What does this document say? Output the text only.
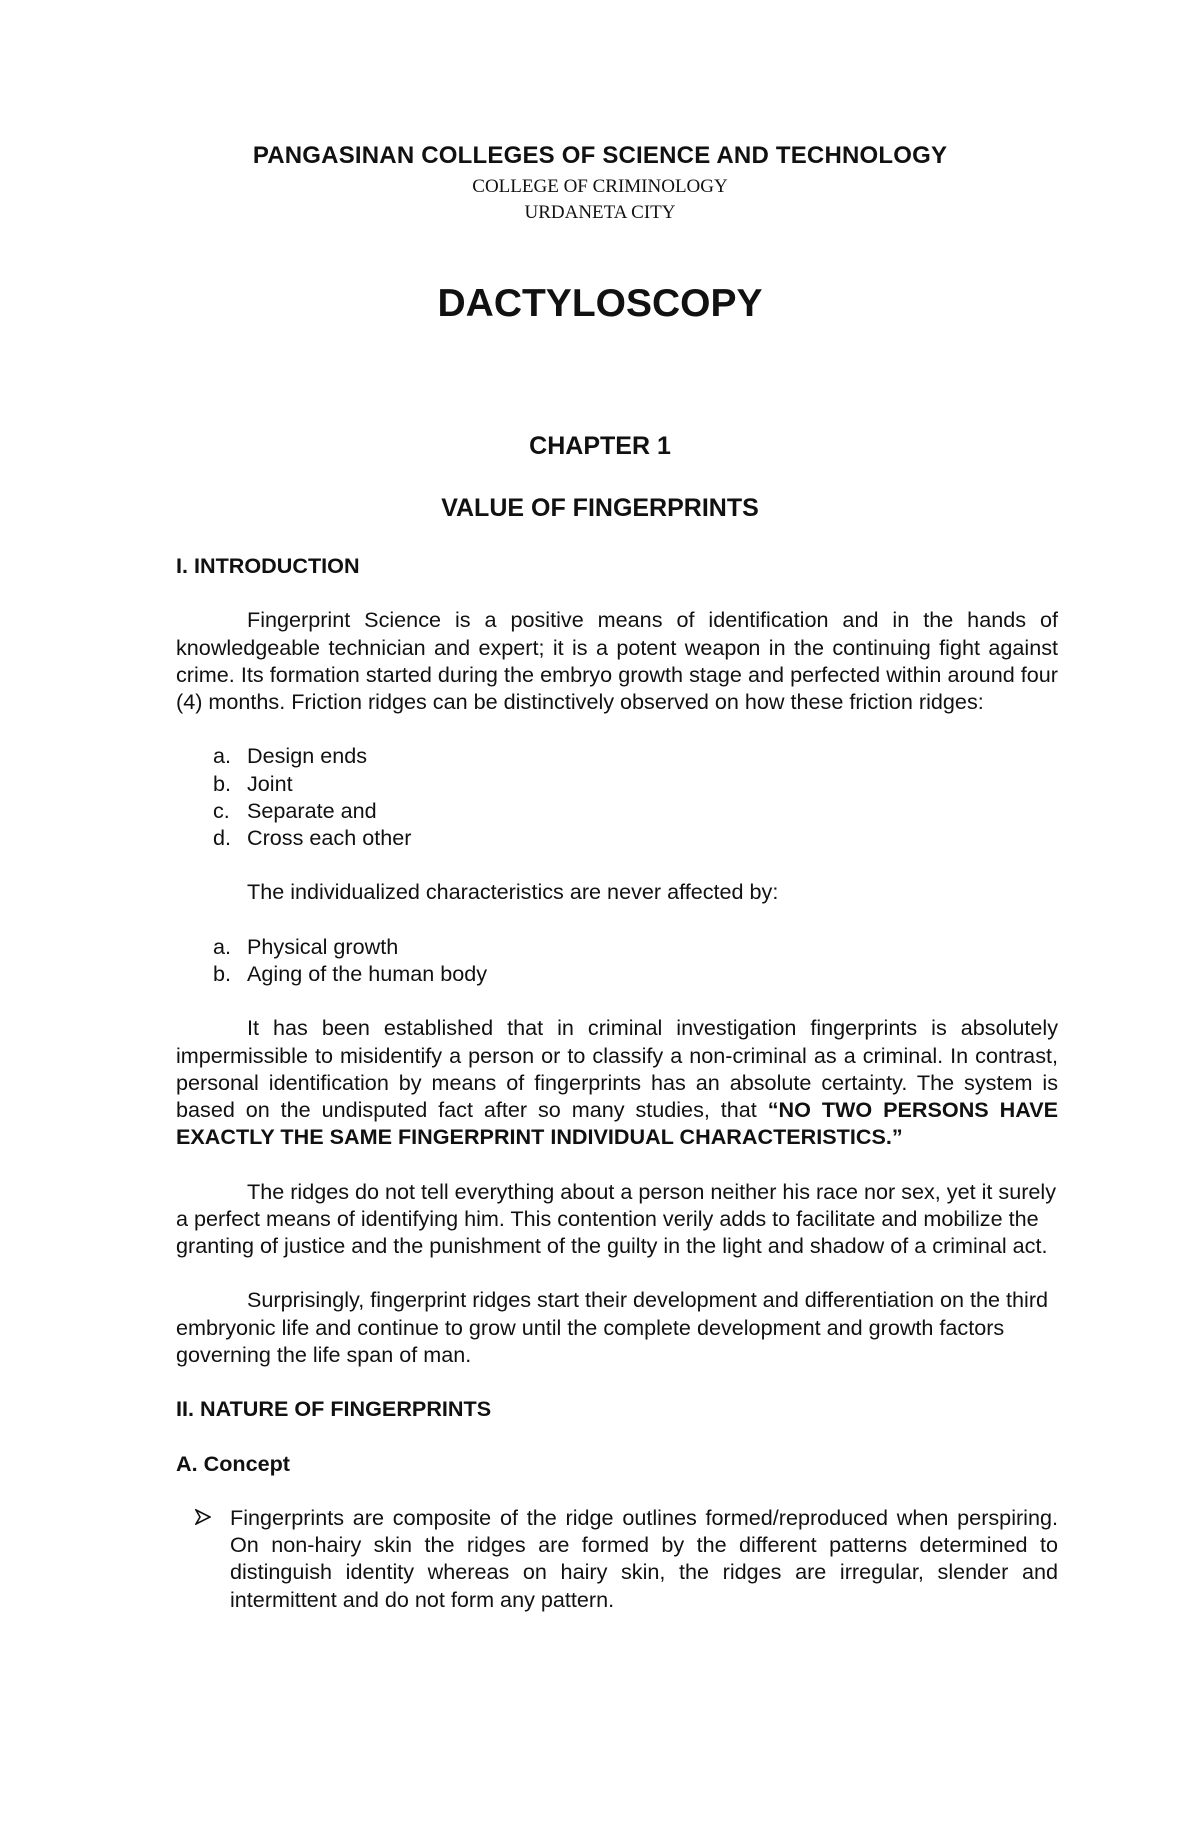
PANGASINAN COLLEGES OF SCIENCE AND TECHNOLOGY
COLLEGE OF CRIMINOLOGY
URDANETA CITY
DACTYLOSCOPY
CHAPTER 1
VALUE OF FINGERPRINTS

I. INTRODUCTION

Fingerprint Science is a positive means of identification and in the hands of knowledgeable technician and expert; it is a potent weapon in the continuing fight against crime. Its formation started during the embryo growth stage and perfected within around four (4) months. Friction ridges can be distinctively observed on how these friction ridges:

a. Design ends
b. Joint
c. Separate and
d. Cross each other

The individualized characteristics are never affected by:

a. Physical growth
b. Aging of the human body

It has been established that in criminal investigation fingerprints is absolutely impermissible to misidentify a person or to classify a non-criminal as a criminal. In contrast, personal identification by means of fingerprints has an absolute certainty. The system is based on the undisputed fact after so many studies, that “NO TWO PERSONS HAVE EXACTLY THE SAME FINGERPRINT INDIVIDUAL CHARACTERISTICS.”

The ridges do not tell everything about a person neither his race nor sex, yet it surely a perfect means of identifying him. This contention verily adds to facilitate and mobilize the granting of justice and the punishment of the guilty in the light and shadow of a criminal act.

Surprisingly, fingerprint ridges start their development and differentiation on the third embryonic life and continue to grow until the complete development and growth factors governing the life span of man.

II. NATURE OF FINGERPRINTS

A. Concept

Fingerprints are composite of the ridge outlines formed/reproduced when perspiring. On non-hairy skin the ridges are formed by the different patterns determined to distinguish identity whereas on hairy skin, the ridges are irregular, slender and intermittent and do not form any pattern.
